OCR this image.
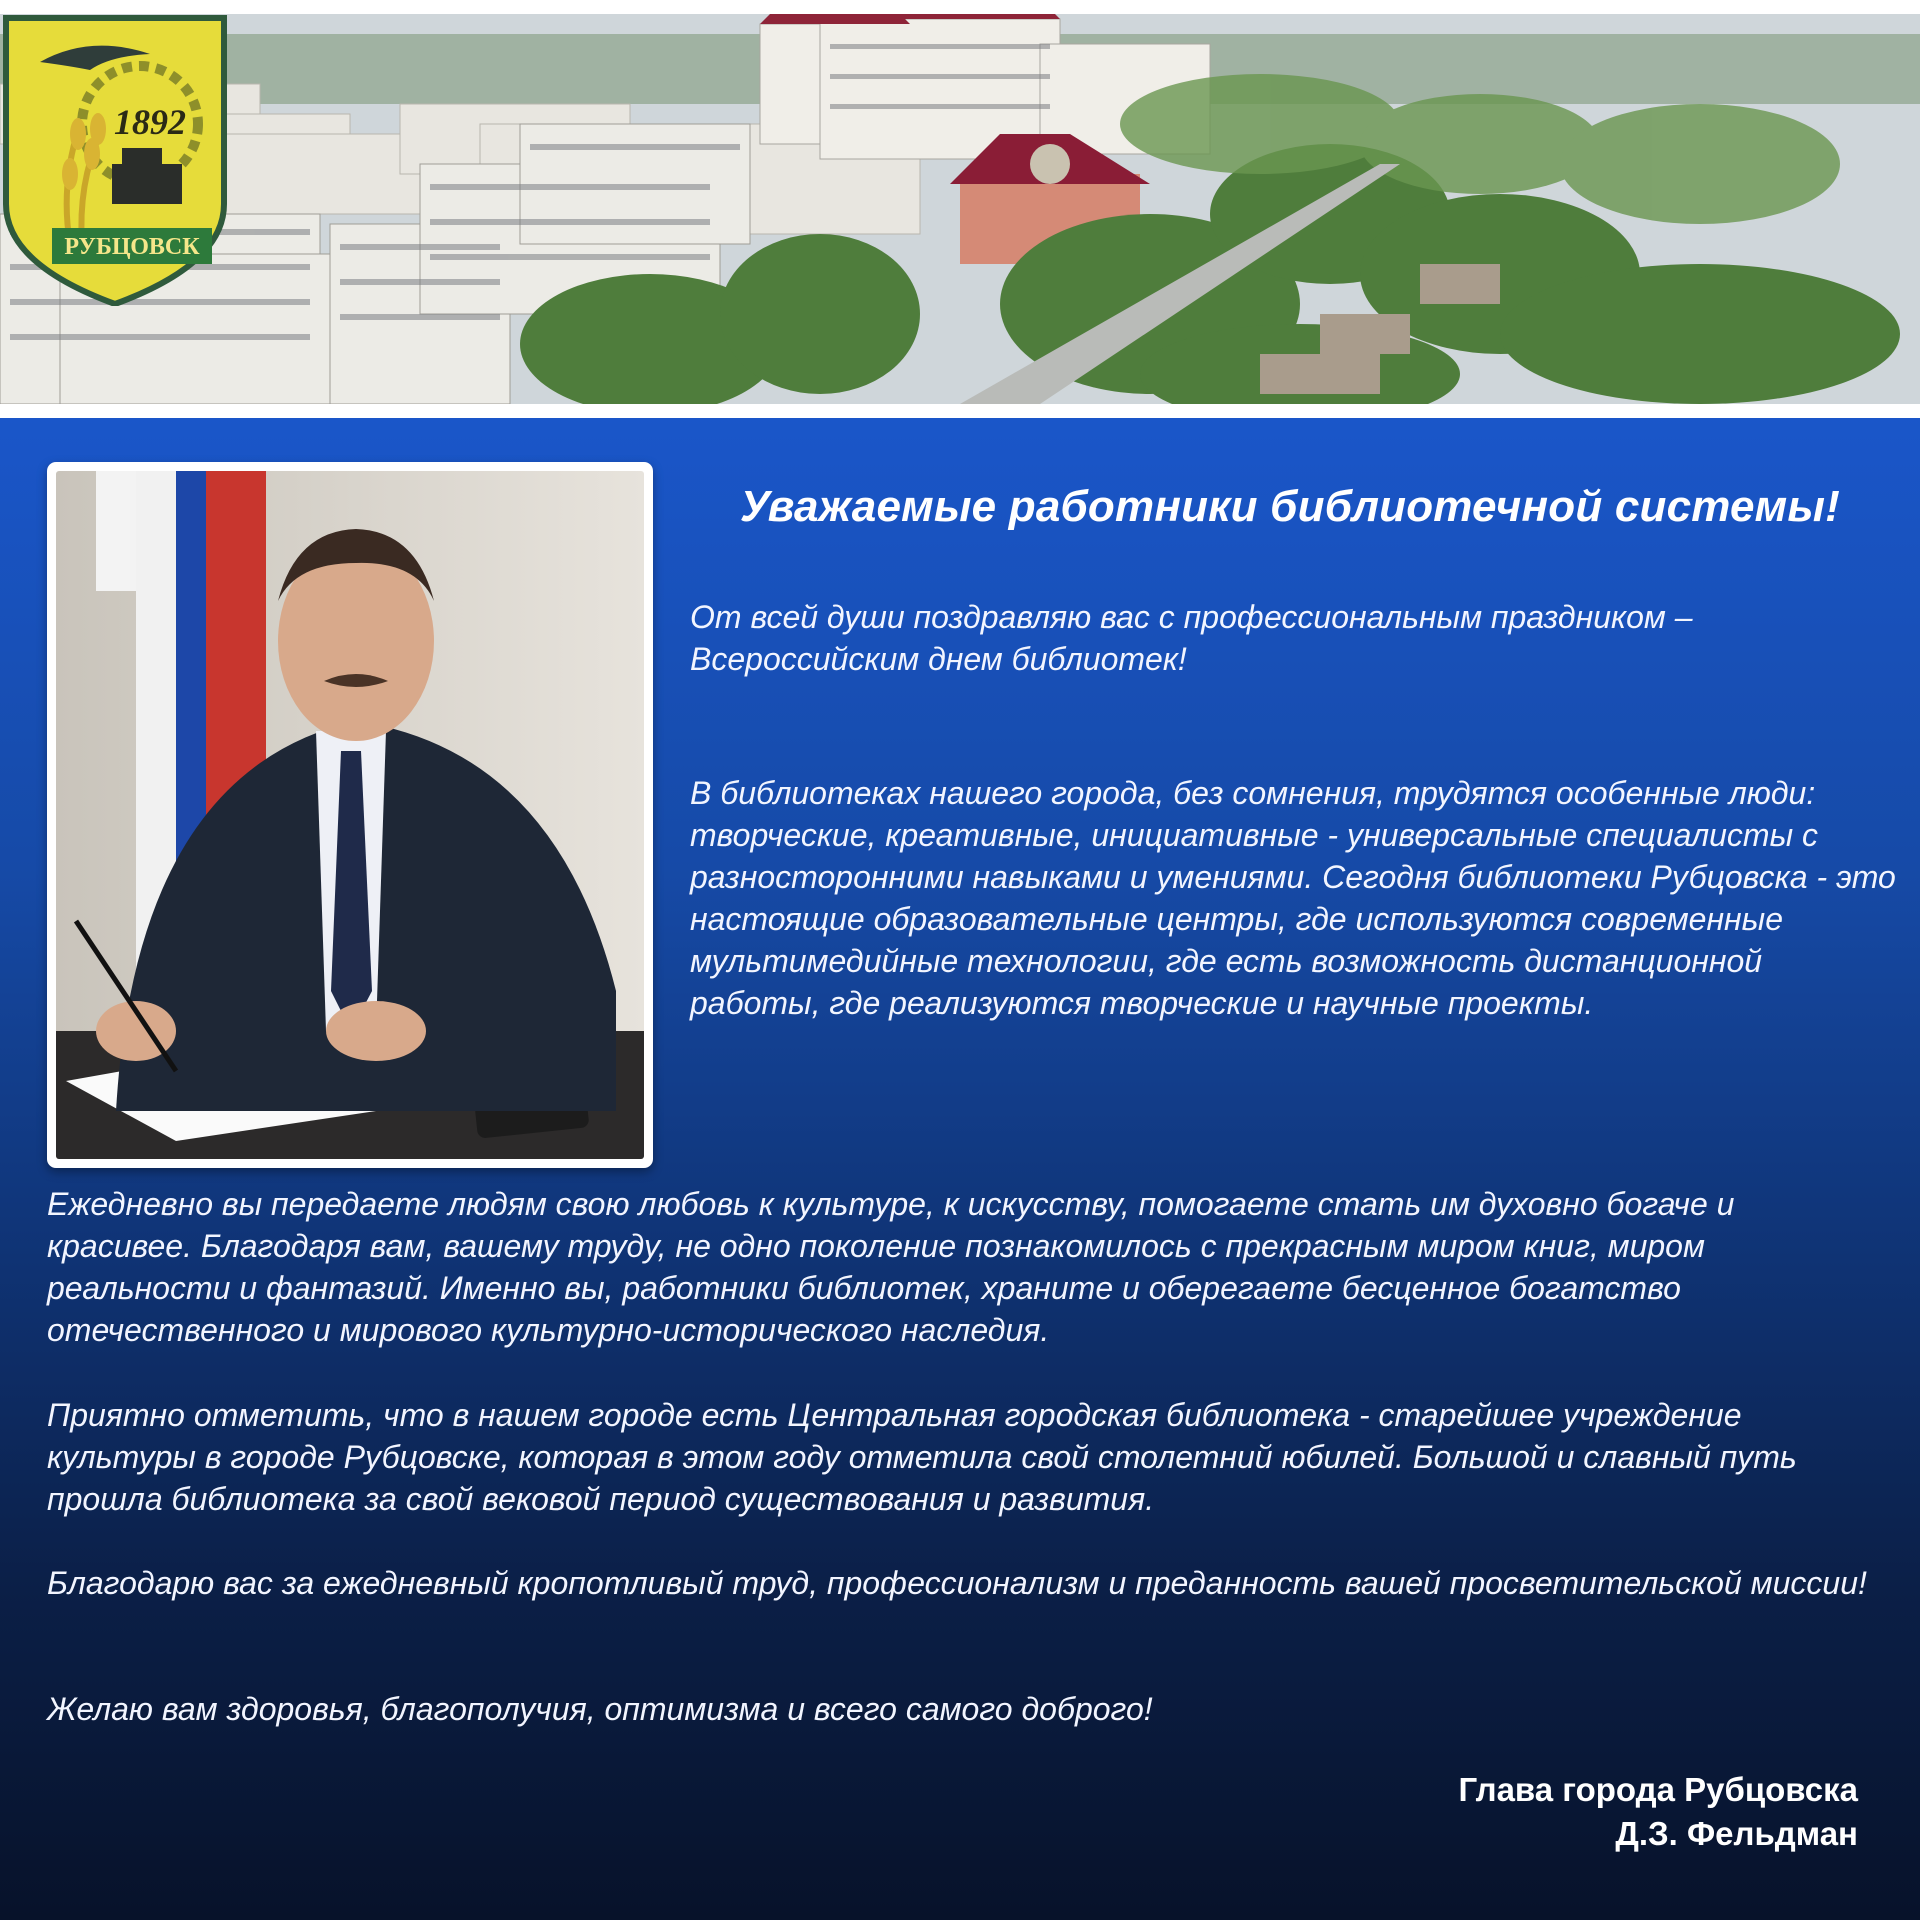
РУБЦОВСК
1892
Уважаемые работники библиотечной системы!

От всей души поздравляю вас с профессиональным праздником – Всероссийским днем библиотек!

В библиотеках нашего города, без сомнения, трудятся особенные люди: творческие, креативные, инициативные - универсальные специалисты с разносторонними навыками и умениями. Сегодня библиотеки Рубцовска - это настоящие образовательные центры, где используются современные мультимедийные технологии, где есть возможность дистанционной работы, где реализуются творческие и научные проекты.

Ежедневно вы передаете людям свою любовь к культуре, к искусству, помогаете стать им духовно богаче и красивее. Благодаря вам, вашему труду, не одно поколение познакомилось с прекрасным миром книг, миром реальности и фантазий. Именно вы, работники библиотек, храните и оберегаете бесценное богатство отечественного и мирового культурно-исторического наследия.

Приятно отметить, что в нашем городе есть Центральная городская библиотека - старейшее учреждение культуры в городе Рубцовске, которая в этом году отметила свой столетний юбилей. Большой и славный путь прошла библиотека за свой вековой период существования и развития.

Благодарю вас за ежедневный кропотливый труд, профессионализм и преданность вашей просветительской миссии!

Желаю вам здоровья, благополучия, оптимизма и всего самого доброго!

Глава города Рубцовска
Д.З. Фельдман
